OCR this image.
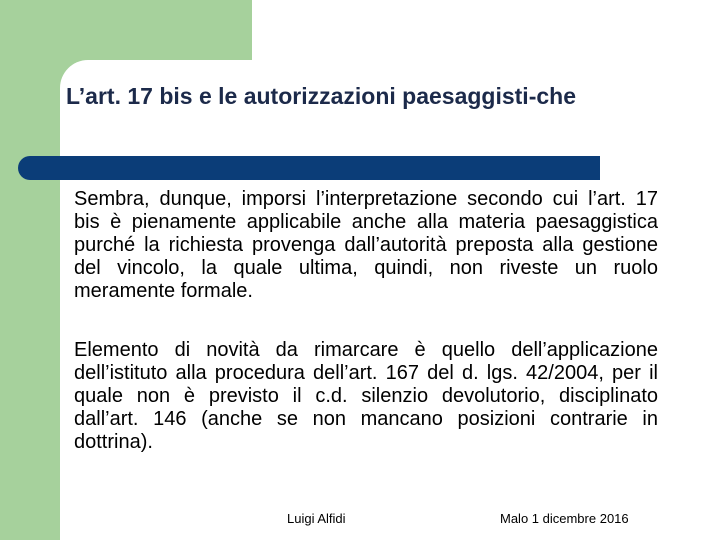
L’art. 17 bis e le autorizzazioni paesaggisti-che
Sembra, dunque, imporsi l’interpretazione secondo cui l’art. 17 bis è pienamente applicabile anche alla materia paesaggistica purché la richiesta provenga dall’autorità preposta alla gestione del vincolo, la quale ultima, quindi, non riveste un ruolo meramente formale.
Elemento di novità da rimarcare è quello dell’applicazione dell’istituto alla procedura dell’art. 167 del d. lgs. 42/2004, per il quale non è previsto il c.d. silenzio devolutorio, disciplinato dall’art. 146 (anche se non mancano posizioni contrarie in dottrina).
Luigi Alfidi	Malo 1 dicembre 2016
